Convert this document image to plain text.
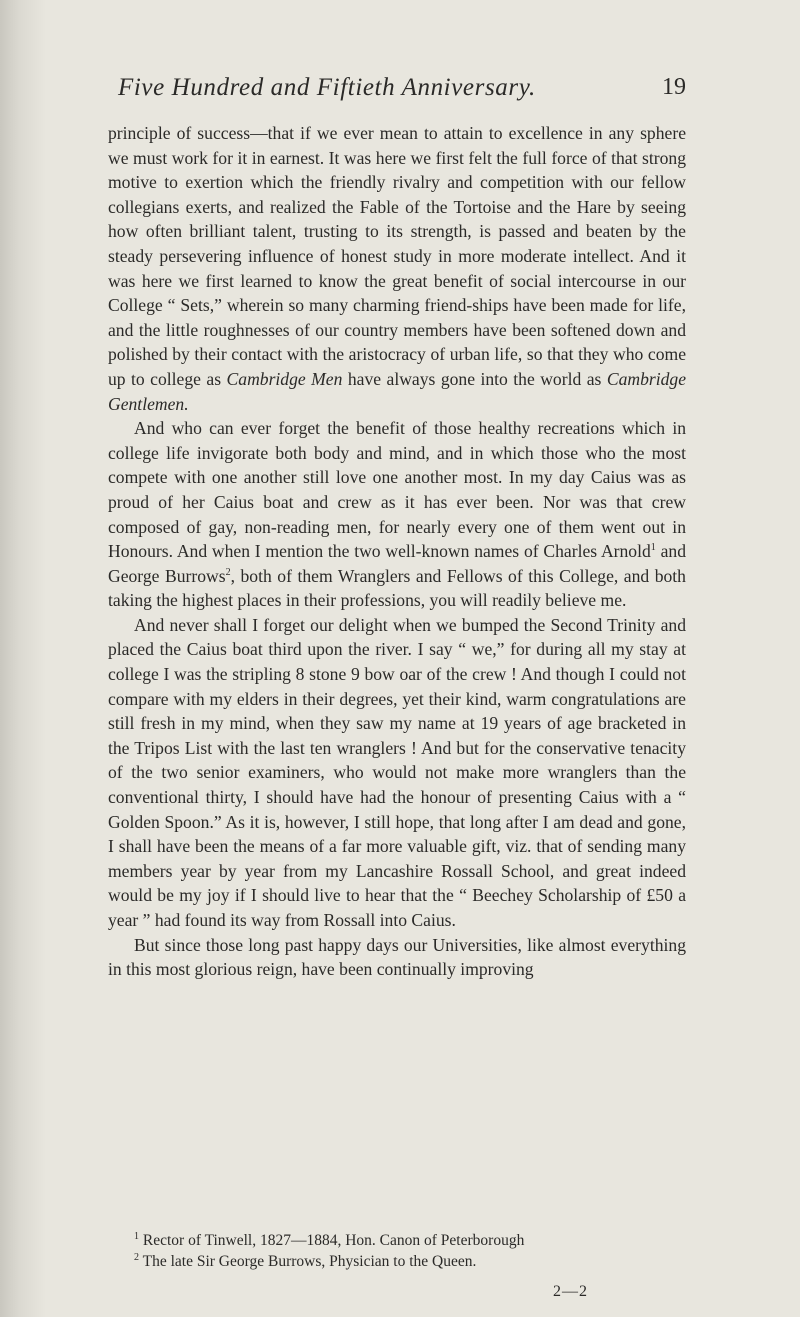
Five Hundred and Fiftieth Anniversary.	19

principle of success—that if we ever mean to attain to excellence in any sphere we must work for it in earnest. It was here we first felt the full force of that strong motive to exertion which the friendly rivalry and competition with our fellow collegians exerts, and realized the Fable of the Tortoise and the Hare by seeing how often brilliant talent, trusting to its strength, is passed and beaten by the steady persevering influence of honest study in more moderate intellect. And it was here we first learned to know the great benefit of social intercourse in our College “ Sets,” wherein so many charming friend-ships have been made for life, and the little roughnesses of our country members have been softened down and polished by their contact with the aristocracy of urban life, so that they who come up to college as Cambridge Men have always gone into the world as Cambridge Gentlemen.

And who can ever forget the benefit of those healthy recreations which in college life invigorate both body and mind, and in which those who the most compete with one another still love one another most. In my day Caius was as proud of her Caius boat and crew as it has ever been. Nor was that crew composed of gay, non-reading men, for nearly every one of them went out in Honours. And when I mention the two well-known names of Charles Arnold$^1$ and George Burrows$^2$, both of them Wranglers and Fellows of this College, and both taking the highest places in their professions, you will readily believe me.

And never shall I forget our delight when we bumped the Second Trinity and placed the Caius boat third upon the river. I say “ we,” for during all my stay at college I was the stripling 8 stone 9 bow oar of the crew ! And though I could not compare with my elders in their degrees, yet their kind, warm congratulations are still fresh in my mind, when they saw my name at 19 years of age bracketed in the Tripos List with the last ten wranglers ! And but for the conservative tenacity of the two senior examiners, who would not make more wranglers than the conventional thirty, I should have had the honour of presenting Caius with a “ Golden Spoon.” As it is, however, I still hope, that long after I am dead and gone, I shall have been the means of a far more valuable gift, viz. that of sending many members year by year from my Lancashire Rossall School, and great indeed would be my joy if I should live to hear that the “ Beechey Scholarship of £50 a year ” had found its way from Rossall into Caius.

But since those long past happy days our Universities, like almost everything in this most glorious reign, have been continually improving

$^1$ Rector of Tinwell, 1827—1884, Hon. Canon of Peterborough

$^2$ The late Sir George Burrows, Physician to the Queen.

2—2
